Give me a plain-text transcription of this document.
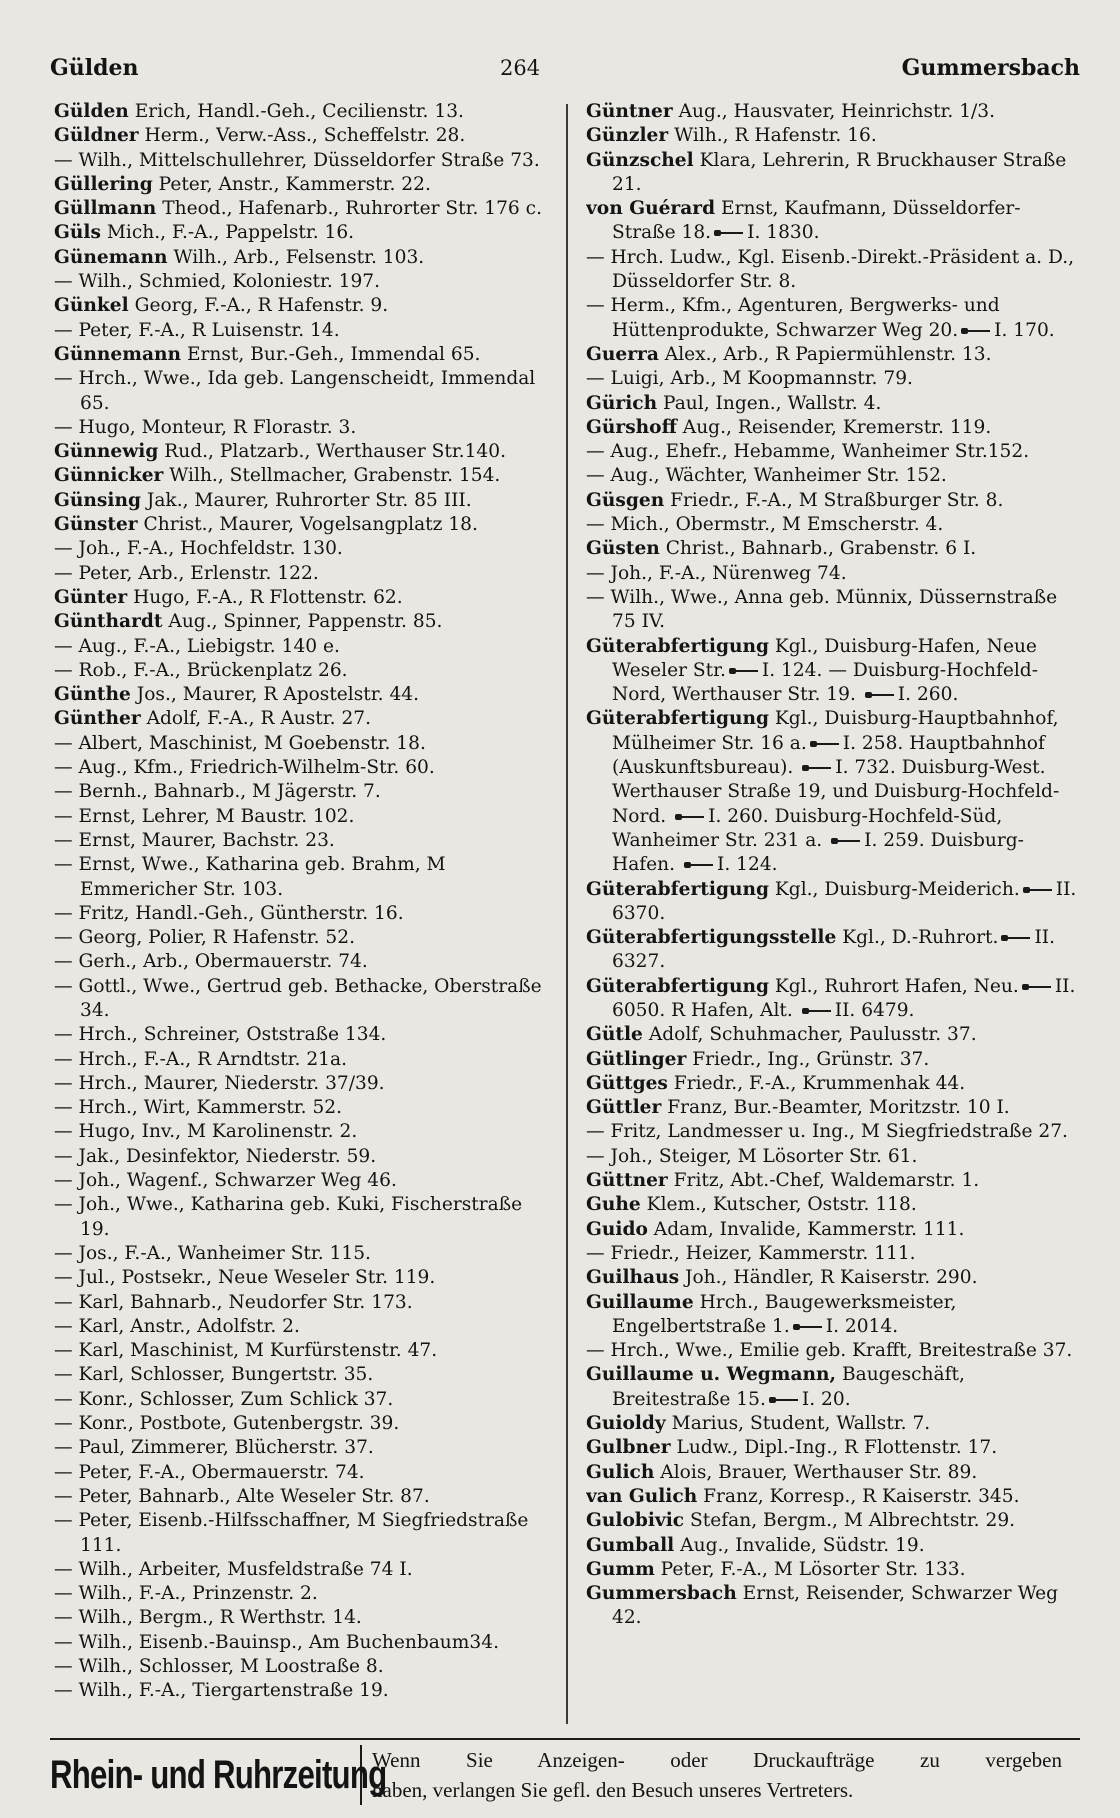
Gülden	264	Gummersbach
Gülden Erich, Handl.-Geh., Cecilienstr. 13.
Güldner Herm., Verw.-Ass., Scheffelstr. 28.
— Wilh., Mittelschullehrer, Düsseldorfer Straße 73.
Güllering Peter, Anstr., Kammerstr. 22.
Güllmann Theod., Hafenarb., Ruhrorter Str. 176 c.
Güls Mich., F.-A., Pappelstr. 16.
Günemann Wilh., Arb., Felsenstr. 103.
— Wilh., Schmied, Koloniestr. 197.
Günkel Georg, F.-A., R Hafenstr. 9.
— Peter, F.-A., R Luisenstr. 14.
Günnemann Ernst, Bur.-Geh., Immendal 65.
— Hrch., Wwe., Ida geb. Langenscheidt, Immendal 65.
— Hugo, Monteur, R Florastr. 3.
Günnewig Rud., Platzarb., Werthauser Str.140.
Günnicker Wilh., Stellmacher, Grabenstr. 154.
Günsing Jak., Maurer, Ruhrorter Str. 85 III.
Günster Christ., Maurer, Vogelsangplatz 18.
— Joh., F.-A., Hochfeldstr. 130.
— Peter, Arb., Erlenstr. 122.
Günter Hugo, F.-A., R Flottenstr. 62.
Günthardt Aug., Spinner, Pappenstr. 85.
— Aug., F.-A., Liebigstr. 140 e.
— Rob., F.-A., Brückenplatz 26.
Günthe Jos., Maurer, R Apostelstr. 44.
Günther Adolf, F.-A., R Austr. 27.
— Albert, Maschinist, M Goebenstr. 18.
— Aug., Kfm., Friedrich-Wilhelm-Str. 60.
— Bernh., Bahnarb., M Jägerstr. 7.
— Ernst, Lehrer, M Baustr. 102.
— Ernst, Maurer, Bachstr. 23.
— Ernst, Wwe., Katharina geb. Brahm, M Emmericher Str. 103.
— Fritz, Handl.-Geh., Güntherstr. 16.
— Georg, Polier, R Hafenstr. 52.
— Gerh., Arb., Obermauerstr. 74.
— Gottl., Wwe., Gertrud geb. Bethacke, Oberstraße 34.
— Hrch., Schreiner, Oststraße 134.
— Hrch., F.-A., R Arndtstr. 21a.
— Hrch., Maurer, Niederstr. 37/39.
— Hrch., Wirt, Kammerstr. 52.
— Hugo, Inv., M Karolinenstr. 2.
— Jak., Desinfektor, Niederstr. 59.
— Joh., Wagenf., Schwarzer Weg 46.
— Joh., Wwe., Katharina geb. Kuki, Fischerstraße 19.
— Jos., F.-A., Wanheimer Str. 115.
— Jul., Postsekr., Neue Weseler Str. 119.
— Karl, Bahnarb., Neudorfer Str. 173.
— Karl, Anstr., Adolfstr. 2.
— Karl, Maschinist, M Kurfürstenstr. 47.
— Karl, Schlosser, Bungertstr. 35.
— Konr., Schlosser, Zum Schlick 37.
— Konr., Postbote, Gutenbergstr. 39.
— Paul, Zimmerer, Blücherstr. 37.
— Peter, F.-A., Obermauerstr. 74.
— Peter, Bahnarb., Alte Weseler Str. 87.
— Peter, Eisenb.-Hilfsschaffner, M Siegfriedstraße 111.
— Wilh., Arbeiter, Musfeldstraße 74 I.
— Wilh., F.-A., Prinzenstr. 2.
— Wilh., Bergm., R Werthstr. 14.
— Wilh., Eisenb.-Bauinsp., Am Buchenbaum34.
— Wilh., Schlosser, M Loostraße 8.
— Wilh., F.-A., Tiergartenstraße 19.
Güntner Aug., Hausvater, Heinrichstr. 1/3.
Günzler Wilh., R Hafenstr. 16.
Günzschel Klara, Lehrerin, R Bruckhauser Straße 21.
von Guérard Ernst, Kaufmann, Düsseldorfer-Straße 18. I. 1830.
— Hrch. Ludw., Kgl. Eisenb.-Direkt.-Präsident a. D., Düsseldorfer Str. 8.
— Herm., Kfm., Agenturen, Bergwerks- und Hüttenprodukte, Schwarzer Weg 20. I. 170.
Guerra Alex., Arb., R Papiermühlenstr. 13.
— Luigi, Arb., M Koopmannstr. 79.
Gürich Paul, Ingen., Wallstr. 4.
Gürshoff Aug., Reisender, Kremerstr. 119.
— Aug., Ehefr., Hebamme, Wanheimer Str.152.
— Aug., Wächter, Wanheimer Str. 152.
Güsgen Friedr., F.-A., M Straßburger Str. 8.
— Mich., Obermstr., M Emscherstr. 4.
Güsten Christ., Bahnarb., Grabenstr. 6 I.
— Joh., F.-A., Nürenweg 74.
— Wilh., Wwe., Anna geb. Münnix, Düssernstraße 75 IV.
Güterabfertigung Kgl., Duisburg-Hafen, Neue Weseler Str. I. 124. — Duisburg-Hochfeld-Nord, Werthauser Str. 19. I. 260.
Güterabfertigung Kgl., Duisburg-Hauptbahnhof, Mülheimer Str. 16 a. I. 258. Hauptbahnhof (Auskunftsbureau). I. 732. Duisburg-West. Werthauser Straße 19, und Duisburg-Hochfeld-Nord. I. 260. Duisburg-Hochfeld-Süd, Wanheimer Str. 231 a. I. 259. Duisburg-Hafen. I. 124.
Güterabfertigung Kgl., Duisburg-Meiderich. II. 6370.
Güterabfertigungsstelle Kgl., D.-Ruhrort. II. 6327.
Güterabfertigung Kgl., Ruhrort Hafen, Neu. II. 6050. R Hafen, Alt. II. 6479.
Gütle Adolf, Schuhmacher, Paulusstr. 37.
Gütlinger Friedr., Ing., Grünstr. 37.
Güttges Friedr., F.-A., Krummenhak 44.
Güttler Franz, Bur.-Beamter, Moritzstr. 10 I.
— Fritz, Landmesser u. Ing., M Siegfriedstraße 27.
— Joh., Steiger, M Lösorter Str. 61.
Güttner Fritz, Abt.-Chef, Waldemarstr. 1.
Guhe Klem., Kutscher, Oststr. 118.
Guido Adam, Invalide, Kammerstr. 111.
— Friedr., Heizer, Kammerstr. 111.
Guilhaus Joh., Händler, R Kaiserstr. 290.
Guillaume Hrch., Baugewerksmeister, Engelbertstraße 1. I. 2014.
— Hrch., Wwe., Emilie geb. Krafft, Breitestraße 37.
Guillaume u. Wegmann, Baugeschäft, Breitestraße 15. I. 20.
Guioldy Marius, Student, Wallstr. 7.
Gulbner Ludw., Dipl.-Ing., R Flottenstr. 17.
Gulich Alois, Brauer, Werthauser Str. 89.
van Gulich Franz, Korresp., R Kaiserstr. 345.
Gulobivic Stefan, Bergm., M Albrechtstr. 29.
Gumball Aug., Invalide, Südstr. 19.
Gumm Peter, F.-A., M Lösorter Str. 133.
Gummersbach Ernst, Reisender, Schwarzer Weg 42.
Rhein- und Ruhrzeitung
Wenn Sie Anzeigen- oder Druckaufträge zu vergeben
haben, verlangen Sie gefl. den Besuch unseres Vertreters.
